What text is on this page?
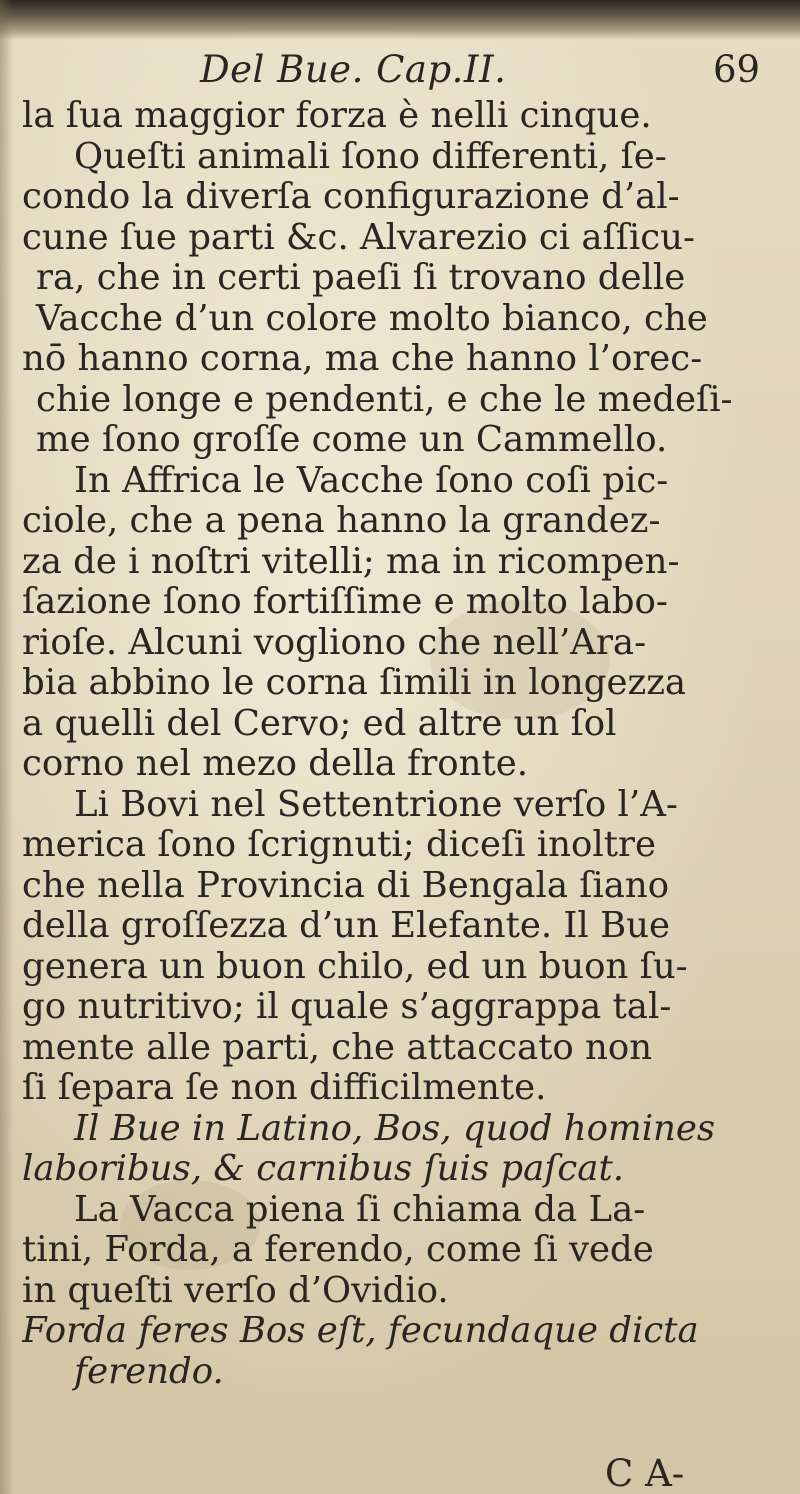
Del Bue. Cap.II.	69
la ſua maggior forza è nelli cinque.
Queſti animali ſono differenti, ſe-
condo la diverſa configurazione d’al-
cune ſue parti &c. Alvarezio ci aſſicu-
ra, che in certi paeſi ſi trovano delle
Vacche d’un colore molto bianco, che
nō hanno corna, ma che hanno l’orec-
chie longe e pendenti, e che le medeſi-
me ſono groſſe come un Cammello.
In Affrica le Vacche ſono coſi pic-
ciole, che a pena hanno la grandez-
za de i noſtri vitelli; ma in ricompen-
ſazione ſono fortiſſime e molto labo-
rioſe. Alcuni vogliono che nell’Ara-
bia abbino le corna ſimili in longezza
a quelli del Cervo; ed altre un ſol
corno nel mezo della fronte.
Li Bovi nel Settentrione verſo l’A-
merica ſono ſcrignuti; diceſi inoltre
che nella Provincia di Bengala ſiano
della groſſezza d’un Elefante. Il Bue
genera un buon chilo, ed un buon ſu-
go nutritivo; il quale s’aggrappa tal-
mente alle parti, che attaccato non
ſi ſepara ſe non difficilmente.
Il Bue in Latino, Bos, quod homines
laboribus, & carnibus ſuis paſcat.
La Vacca piena ſi chiama da La-
tini, Forda, a ferendo, come ſi vede
in queſti verſo d’Ovidio.
Forda feres Bos eſt, fecundaque dicta
ferendo.
C A-
